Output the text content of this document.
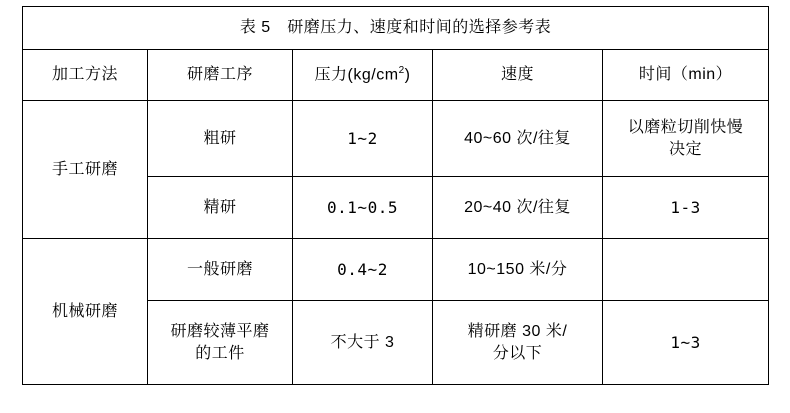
表 5　研磨压力、速度和时间的选择参考表				
加工方法	研磨工序	压力$(kg/cm^2)$	速度	时间（min）
手工研磨	粗研	1~2	40~60 次/往复	以磨粒切削快慢
决定

	精研	0.1~0.5	20~40 次/往复	1-3
机械研磨	一般研磨	0.4~2	10~150 米/分	

	研磨较薄平磨
的工件	不大于 3	精研磨 30 米/
分以下	1~3
